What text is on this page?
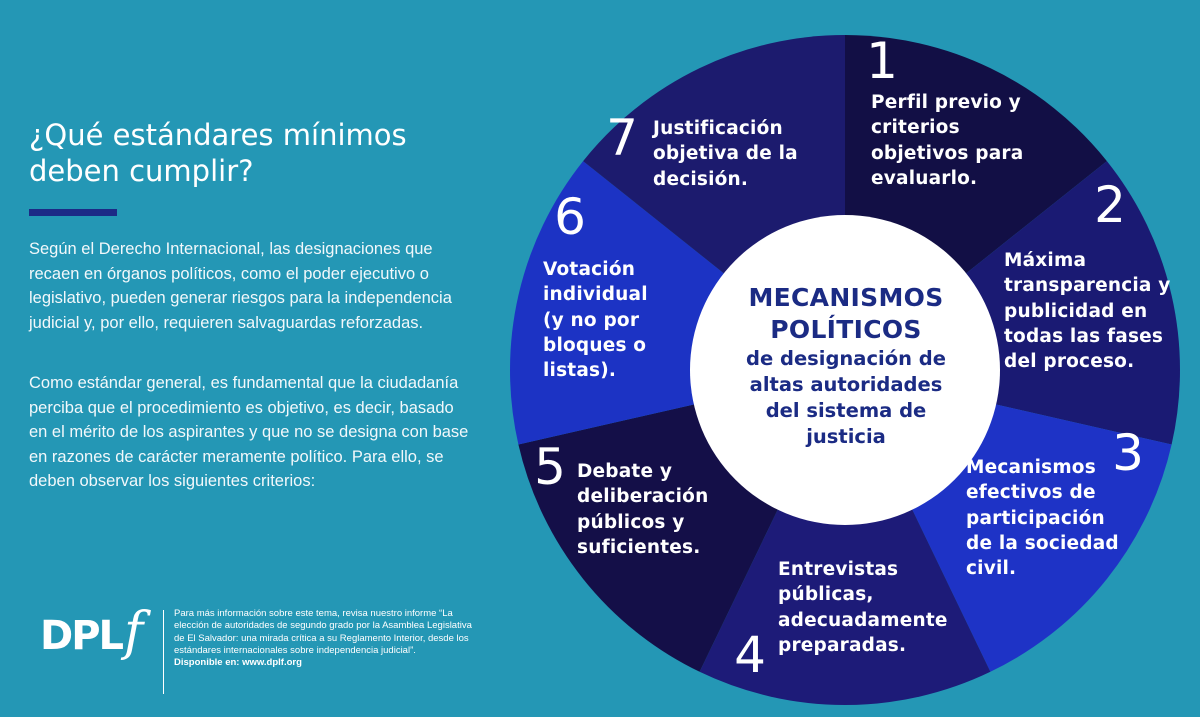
¿Qué estándares mínimos deben cumplir?

Según el Derecho Internacional, las designaciones que recaen en órganos políticos, como el poder ejecutivo o legislativo, pueden generar riesgos para la independencia judicial y, por ello, requieren salvaguardas reforzadas.

Como estándar general, es fundamental que la ciudadanía perciba que el procedimiento es objetivo, es decir, basado en el mérito de los aspirantes y que no se designa con base en razones de carácter meramente político. Para ello, se deben observar los siguientes criterios:

DPLf	Para más información sobre este tema, revisa nuestro informe “La elección de autoridades de segundo grado por la Asamblea Legislativa de El Salvador: una mirada crítica a su Reglamento Interior, desde los estándares internacionales sobre independencia judicial”.
Disponible en: www.dplf.org
1
2
3
4
5
6
7
MECANISMOS
POLÍTICOS
de designación de
altas autoridades
del sistema de
justicia

Perfil previo y criterios objetivos para evaluarlo.

Máxima transparencia y publicidad en todas las fases del proceso.

Mecanismos efectivos de participación de la sociedad civil.

Entrevistas públicas, adecuadamente preparadas.

Debate y deliberación públicos y suficientes.

Votación individual (y no por bloques o listas).

Justificación objetiva de la decisión.
